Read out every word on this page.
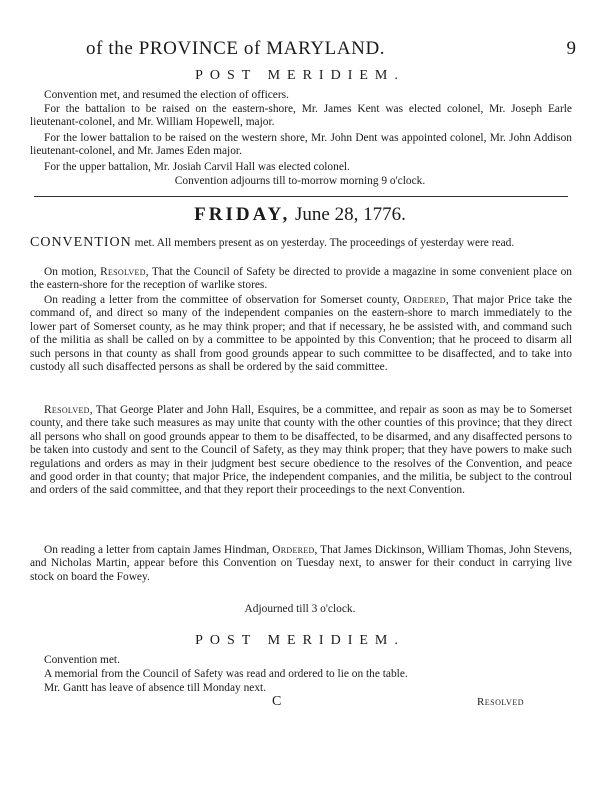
of the PROVINCE of MARYLAND.	9
POST MERIDIEM.

Convention met, and resumed the election of officers.

For the battalion to be raised on the eastern-shore, Mr. James Kent was elected colonel, Mr. Joseph Earle lieutenant-colonel, and Mr. William Hopewell, major.

For the lower battalion to be raised on the western shore, Mr. John Dent was appointed colonel, Mr. John Addison lieutenant-colonel, and Mr. James Eden major.

For the upper battalion, Mr. Josiah Carvil Hall was elected colonel.

Convention adjourns till to-morrow morning 9 o'clock.
FRIDAY, June 28, 1776.

CONVENTION met. All members present as on yesterday. The proceedings of yesterday were read.

On motion, Resolved, That the Council of Safety be directed to provide a magazine in some convenient place on the eastern-shore for the reception of warlike stores.

On reading a letter from the committee of observation for Somerset county, Ordered, That major Price take the command of, and direct so many of the independent companies on the eastern-shore to march immediately to the lower part of Somerset county, as he may think proper; and that if necessary, he be assisted with, and command such of the militia as shall be called on by a committee to be appointed by this Convention; that he proceed to disarm all such persons in that county as shall from good grounds appear to such committee to be disaffected, and to take into custody all such disaffected persons as shall be ordered by the said committee.

Resolved, That George Plater and John Hall, Esquires, be a committee, and repair as soon as may be to Somerset county, and there take such measures as may unite that county with the other counties of this province; that they direct all persons who shall on good grounds appear to them to be disaffected, to be disarmed, and any disaffected persons to be taken into custody and sent to the Council of Safety, as they may think proper; that they have powers to make such regulations and orders as may in their judgment best secure obedience to the resolves of the Convention, and peace and good order in that county; that major Price, the independent companies, and the militia, be subject to the controul and orders of the said committee, and that they report their proceedings to the next Convention.

On reading a letter from captain James Hindman, Ordered, That James Dickinson, William Thomas, John Stevens, and Nicholas Martin, appear before this Convention on Tuesday next, to answer for their conduct in carrying live stock on board the Fowey.

Adjourned till 3 o'clock.
POST MERIDIEM.

Convention met.

A memorial from the Council of Safety was read and ordered to lie on the table.

Mr. Gantt has leave of absence till Monday next.

C	Resolved
